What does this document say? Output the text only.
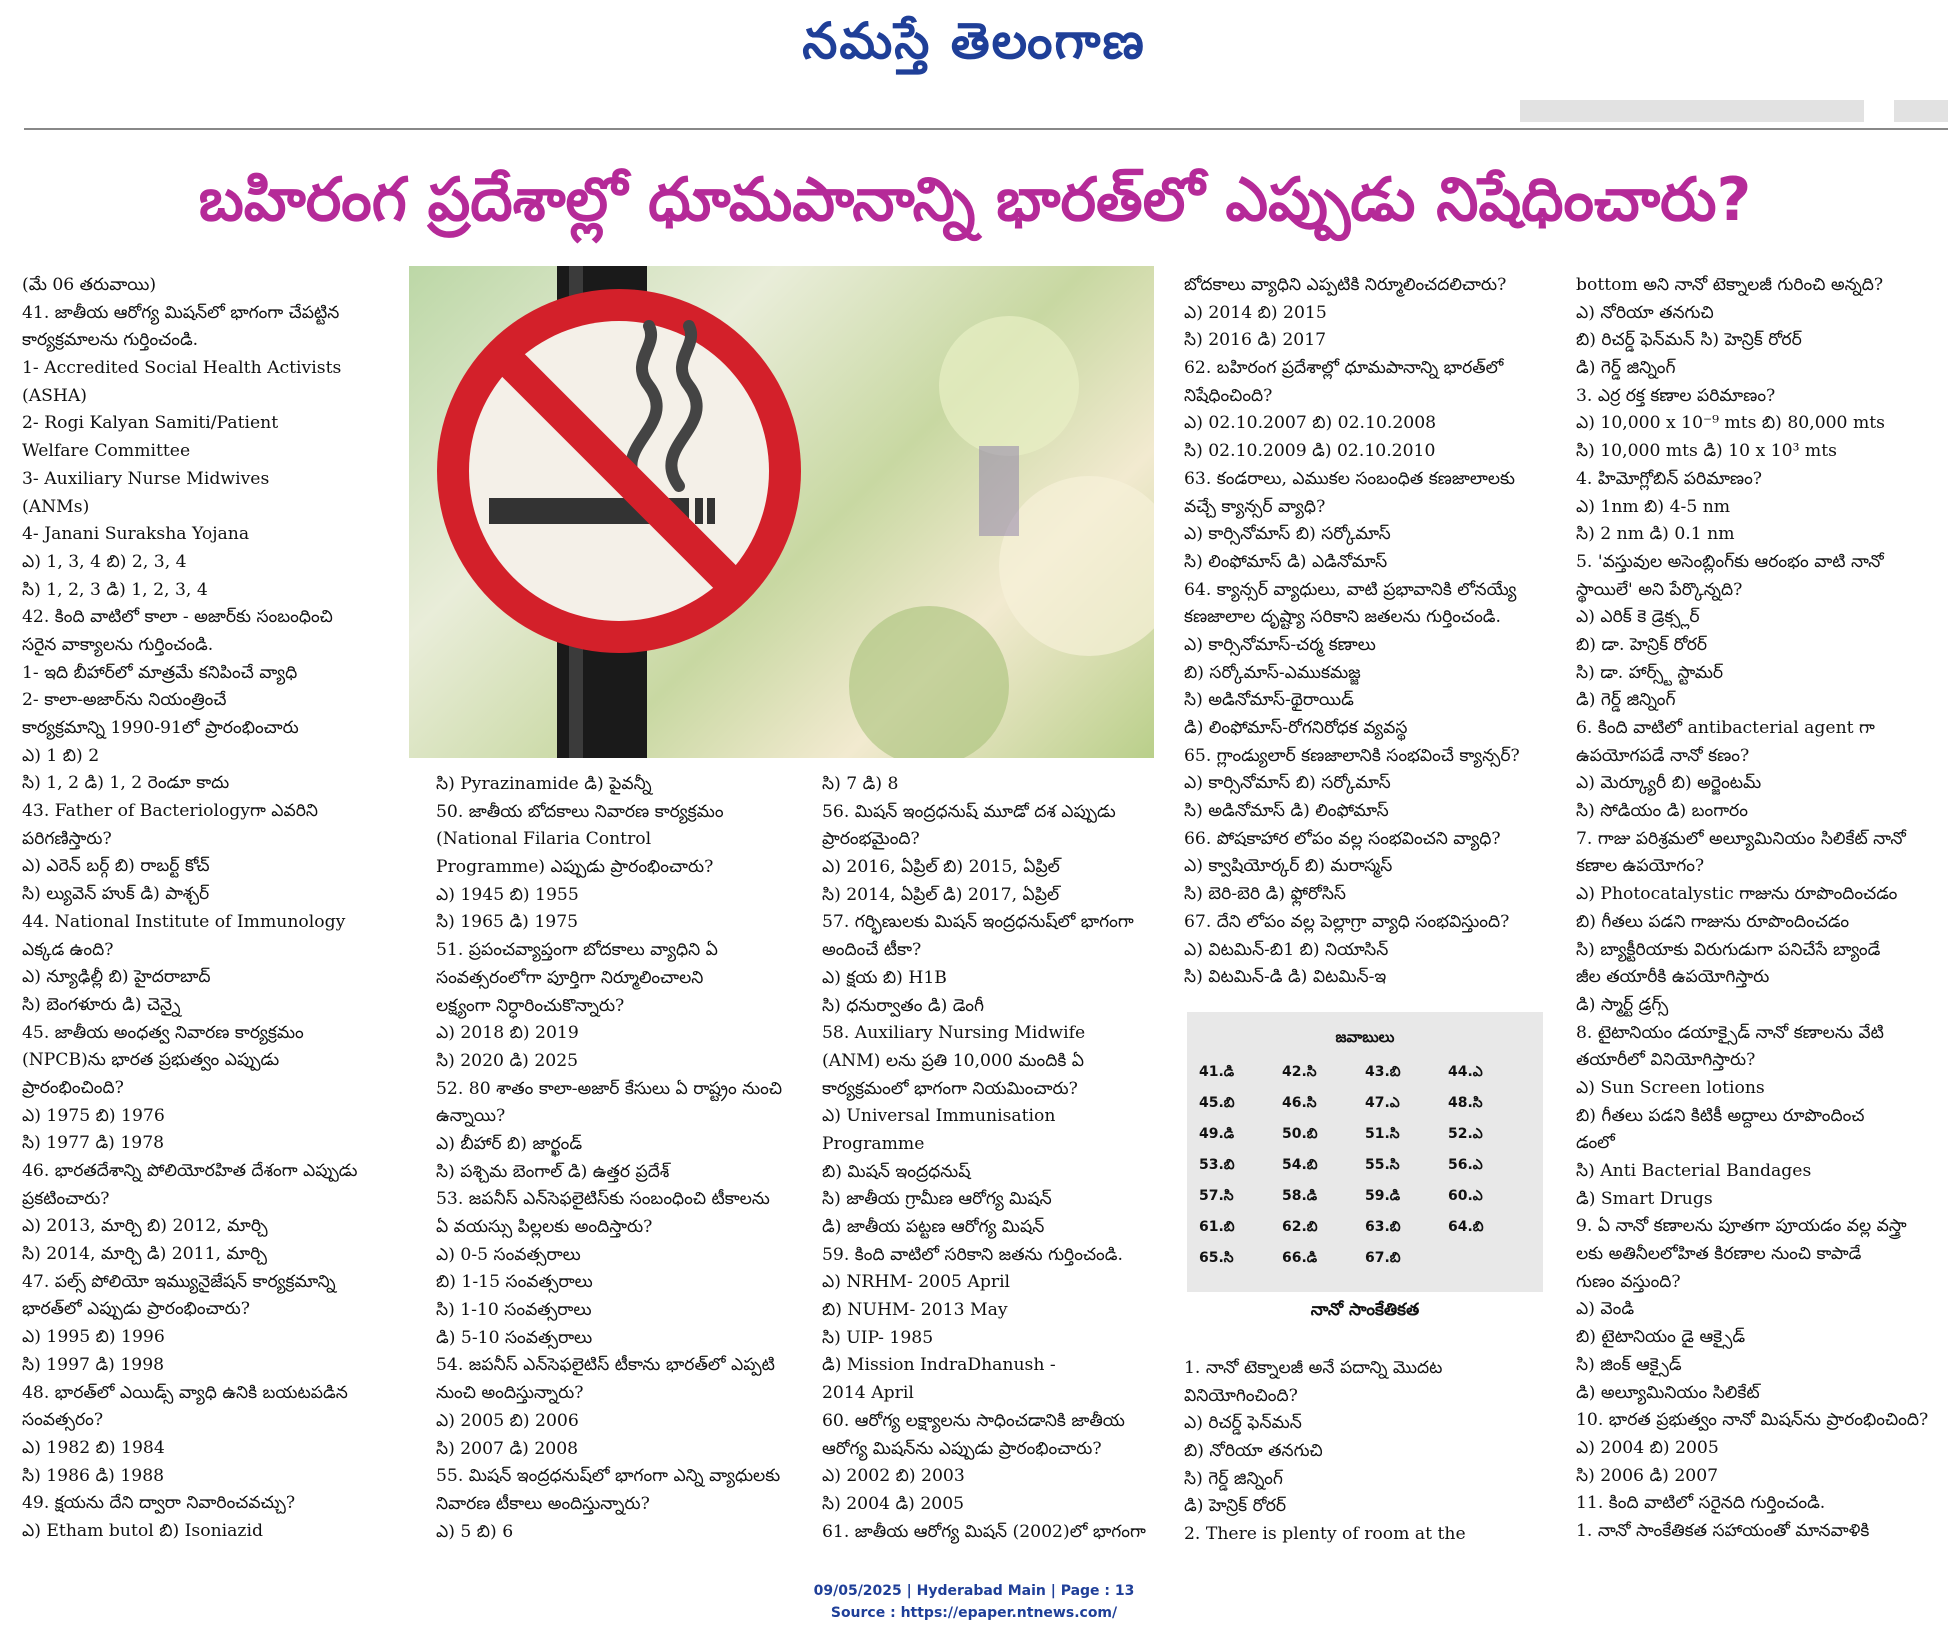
నమస్తే తెలంగాణ
బహిరంగ ప్రదేశాల్లో ధూమపానాన్ని భారత్‌లో ఎప్పుడు నిషేధించారు?
(మే 06 తరువాయి)
41. జాతీయ ఆరోగ్య మిషన్‌లో భాగంగా చేపట్టిన
కార్యక్రమాలను గుర్తించండి.
1- Accredited Social Health Activists
(ASHA)
2- Rogi Kalyan Samiti/Patient
Welfare Committee
3- Auxiliary Nurse Midwives
(ANMs)
4- Janani Suraksha Yojana
ఎ) 1, 3, 4 బి) 2, 3, 4
సి) 1, 2, 3 డి) 1, 2, 3, 4
42. కింది వాటిలో కాలా - అజార్‌కు సంబంధించి
సరైన వాక్యాలను గుర్తించండి.
1- ఇది బీహార్‌లో మాత్రమే కనిపించే వ్యాధి
2- కాలా-అజార్‌ను నియంత్రించే
కార్యక్రమాన్ని 1990-91లో ప్రారంభించారు
ఎ) 1 బి) 2
సి) 1, 2 డి) 1, 2 రెండూ కాదు
43. Father of Bacteriologyగా ఎవరిని
పరిగణిస్తారు?
ఎ) ఎరెన్ బర్గ్ బి) రాబర్ట్ కోచ్
సి) ల్యువెన్ హుక్ డి) పాశ్చర్
44. National Institute of Immunology
ఎక్కడ ఉంది?
ఎ) న్యూఢిల్లీ బి) హైదరాబాద్
సి) బెంగళూరు డి) చెన్నై
45. జాతీయ అంధత్వ నివారణ కార్యక్రమం
(NPCB)ను భారత ప్రభుత్వం ఎప్పుడు
ప్రారంభించింది?
ఎ) 1975 బి) 1976
సి) 1977 డి) 1978
46. భారతదేశాన్ని పోలియోరహిత దేశంగా ఎప్పుడు
ప్రకటించారు?
ఎ) 2013, మార్చి బి) 2012, మార్చి
సి) 2014, మార్చి డి) 2011, మార్చి
47. పల్స్ పోలియో ఇమ్యునైజేషన్ కార్యక్రమాన్ని
భారత్‌లో ఎప్పుడు ప్రారంభించారు?
ఎ) 1995 బి) 1996
సి) 1997 డి) 1998
48. భారత్‌లో ఎయిడ్స్ వ్యాధి ఉనికి బయటపడిన
సంవత్సరం?
ఎ) 1982 బి) 1984
సి) 1986 డి) 1988
49. క్షయను దేని ద్వారా నివారించవచ్చు?
ఎ) Etham butol బి) Isoniazid
సి) Pyrazinamide డి) పైవన్నీ
50. జాతీయ బోదకాలు నివారణ కార్యక్రమం
(National Filaria Control
Programme) ఎప్పుడు ప్రారంభించారు?
ఎ) 1945 బి) 1955
సి) 1965 డి) 1975
51. ప్రపంచవ్యాప్తంగా బోదకాలు వ్యాధిని ఏ
సంవత్సరంలోగా పూర్తిగా నిర్మూలించాలని
లక్ష్యంగా నిర్ధారించుకొన్నారు?
ఎ) 2018 బి) 2019
సి) 2020 డి) 2025
52. 80 శాతం కాలా-అజార్ కేసులు ఏ రాష్ట్రం నుంచి
ఉన్నాయి?
ఎ) బీహార్ బి) జార్ఖండ్
సి) పశ్చిమ బెంగాల్ డి) ఉత్తర ప్రదేశ్
53. జపనీస్ ఎన్‌సెఫలైటిస్‌కు సంబంధించి టీకాలను
ఏ వయస్సు పిల్లలకు అందిస్తారు?
ఎ) 0-5 సంవత్సరాలు
బి) 1-15 సంవత్సరాలు
సి) 1-10 సంవత్సరాలు
డి) 5-10 సంవత్సరాలు
54. జపనీస్ ఎన్‌సెఫలైటిస్ టీకాను భారత్‌లో ఎప్పటి
నుంచి అందిస్తున్నారు?
ఎ) 2005 బి) 2006
సి) 2007 డి) 2008
55. మిషన్ ఇంద్రధనుష్‌లో భాగంగా ఎన్ని వ్యాధులకు
నివారణ టీకాలు అందిస్తున్నారు?
ఎ) 5 బి) 6
సి) 7 డి) 8
56. మిషన్ ఇంద్రధనుష్ మూడో దశ ఎప్పుడు
ప్రారంభమైంది?
ఎ) 2016, ఏప్రిల్ బి) 2015, ఏప్రిల్
సి) 2014, ఏప్రిల్ డి) 2017, ఏప్రిల్
57. గర్భిణులకు మిషన్ ఇంద్రధనుష్‌లో భాగంగా
అందించే టీకా?
ఎ) క్షయ బి) H1B
సి) ధనుర్వాతం డి) డెంగీ
58. Auxiliary Nursing Midwife
(ANM) లను ప్రతి 10,000 మందికి ఏ
కార్యక్రమంలో భాగంగా నియమించారు?
ఎ) Universal Immunisation
Programme
బి) మిషన్ ఇంద్రధనుష్
సి) జాతీయ గ్రామీణ ఆరోగ్య మిషన్
డి) జాతీయ పట్టణ ఆరోగ్య మిషన్
59. కింది వాటిలో సరికాని జతను గుర్తించండి.
ఎ) NRHM- 2005 April
బి) NUHM- 2013 May
సి) UIP- 1985
డి) Mission IndraDhanush -
2014 April
60. ఆరోగ్య లక్ష్యాలను సాధించడానికి జాతీయ
ఆరోగ్య మిషన్‌ను ఎప్పుడు ప్రారంభించారు?
ఎ) 2002 బి) 2003
సి) 2004 డి) 2005
61. జాతీయ ఆరోగ్య మిషన్ (2002)లో భాగంగా
బోదకాలు వ్యాధిని ఎప్పటికి నిర్మూలించదలిచారు?
ఎ) 2014 బి) 2015
సి) 2016 డి) 2017
62. బహిరంగ ప్రదేశాల్లో ధూమపానాన్ని భారత్‌లో
నిషేధించింది?
ఎ) 02.10.2007 బి) 02.10.2008
సి) 02.10.2009 డి) 02.10.2010
63. కండరాలు, ఎముకల సంబంధిత కణజాలాలకు
వచ్చే క్యాన్సర్ వ్యాధి?
ఎ) కార్సినోమాస్ బి) సర్కోమాస్
సి) లింఫోమాస్ డి) ఎడినోమాస్
64. క్యాన్సర్ వ్యాధులు, వాటి ప్రభావానికి లోనయ్యే
కణజాలాల దృష్ట్యా సరికాని జతలను గుర్తించండి.
ఎ) కార్సినోమాస్-చర్మ కణాలు
బి) సర్కోమాస్-ఎముకమజ్జ
సి) అడినోమాస్-థైరాయిడ్
డి) లింఫోమాస్-రోగనిరోధక వ్యవస్థ
65. గ్లాండ్యులార్ కణజాలానికి సంభవించే క్యాన్సర్?
ఎ) కార్సినోమాస్ బి) సర్కోమాస్
సి) అడినోమాస్ డి) లింఫోమాస్
66. పోషకాహార లోపం వల్ల సంభవించని వ్యాధి?
ఎ) క్వాషియోర్కర్ బి) మరాస్మస్
సి) బెరి-బెరి డి) ఫ్లోరోసిస్
67. దేని లోపం వల్ల పెల్లాగ్రా వ్యాధి సంభవిస్తుంది?
ఎ) విటమిన్-బి1 బి) నియాసిన్
సి) విటమిన్-డి డి) విటమిన్-ఇ
జవాబులు
41.డి	42.సి	43.బి	44.ఎ
45.బి	46.సి	47.ఎ	48.సి
49.డి	50.బి	51.సి	52.ఎ
53.బి	54.బి	55.సి	56.ఎ
57.సి	58.డి	59.డి	60.ఎ
61.బి	62.బి	63.బి	64.బి
65.సి	66.డి	67.బి
నానో సాంకేతికత
1. నానో టెక్నాలజీ అనే పదాన్ని మొదట
వినియోగించింది?
ఎ) రిచర్డ్ ఫెన్‌మన్
బి) నోరియా తనగుచి
సి) గెర్డ్ జిన్నింగ్
డి) హెన్రిక్ రోరర్
2. There is plenty of room at the
bottom అని నానో టెక్నాలజీ గురించి అన్నది?
ఎ) నోరియా తనగుచి
బి) రిచర్డ్ ఫెన్‌మన్ సి) హెన్రిక్ రోరర్
డి) గెర్డ్ జిన్నింగ్
3. ఎర్ర రక్త కణాల పరిమాణం?
ఎ) 10,000 x 10⁻⁹ mts బి) 80,000 mts
సి) 10,000 mts డి) 10 x 10³ mts
4. హిమోగ్లోబిన్ పరిమాణం?
ఎ) 1nm బి) 4-5 nm
సి) 2 nm డి) 0.1 nm
5. 'వస్తువుల అసెంబ్లింగ్‌కు ఆరంభం వాటి నానో
స్థాయిలే' అని పేర్కొన్నది?
ఎ) ఎరిక్ కె డ్రెక్స్లర్
బి) డా. హెన్రిక్ రోరర్
సి) డా. హార్స్ట్ స్టామర్
డి) గెర్డ్ జిన్నింగ్
6. కింది వాటిలో antibacterial agent గా
ఉపయోగపడే నానో కణం?
ఎ) మెర్క్యూరీ బి) అర్జెంటమ్
సి) సోడియం డి) బంగారం
7. గాజు పరిశ్రమలో అల్యూమినియం సిలికేట్ నానో
కణాల ఉపయోగం?
ఎ) Photocatalystic గాజును రూపొందించడం
బి) గీతలు పడని గాజును రూపొందించడం
సి) బ్యాక్టీరియాకు విరుగుడుగా పనిచేసే బ్యాండే
జీల తయారీకి ఉపయోగిస్తారు
డి) స్మార్ట్ డ్రగ్స్
8. టైటానియం డయాక్సైడ్ నానో కణాలను వేటి
తయారీలో వినియోగిస్తారు?
ఎ) Sun Screen lotions
బి) గీతలు పడని కిటికీ అద్దాలు రూపొందించ
డంలో
సి) Anti Bacterial Bandages
డి) Smart Drugs
9. ఏ నానో కణాలను పూతగా పూయడం వల్ల వస్త్రా
లకు అతినీలలోహిత కిరణాల నుంచి కాపాడే
గుణం వస్తుంది?
ఎ) వెండి
బి) టైటానియం డై ఆక్సైడ్
సి) జింక్ ఆక్సైడ్
డి) అల్యూమినియం సిలికేట్
10. భారత ప్రభుత్వం నానో మిషన్‌ను ప్రారంభించింది?
ఎ) 2004 బి) 2005
సి) 2006 డి) 2007
11. కింది వాటిలో సరైనది గుర్తించండి.
1. నానో సాంకేతికత సహాయంతో మానవాళికి
09/05/2025 | Hyderabad Main | Page : 13
Source : https://epaper.ntnews.com/
